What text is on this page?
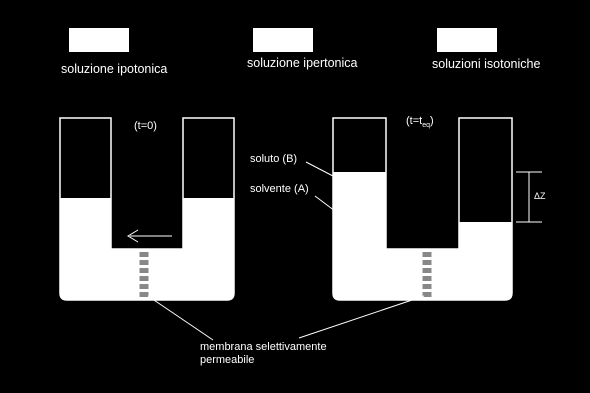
soluzione ipotonica	soluzione ipertonica	soluzioni isotoniche
(t=0)	$(t=t_{eq})$
soluto (B)
solvente (A)
ΔZ
membrana selettivamente
permeabile
